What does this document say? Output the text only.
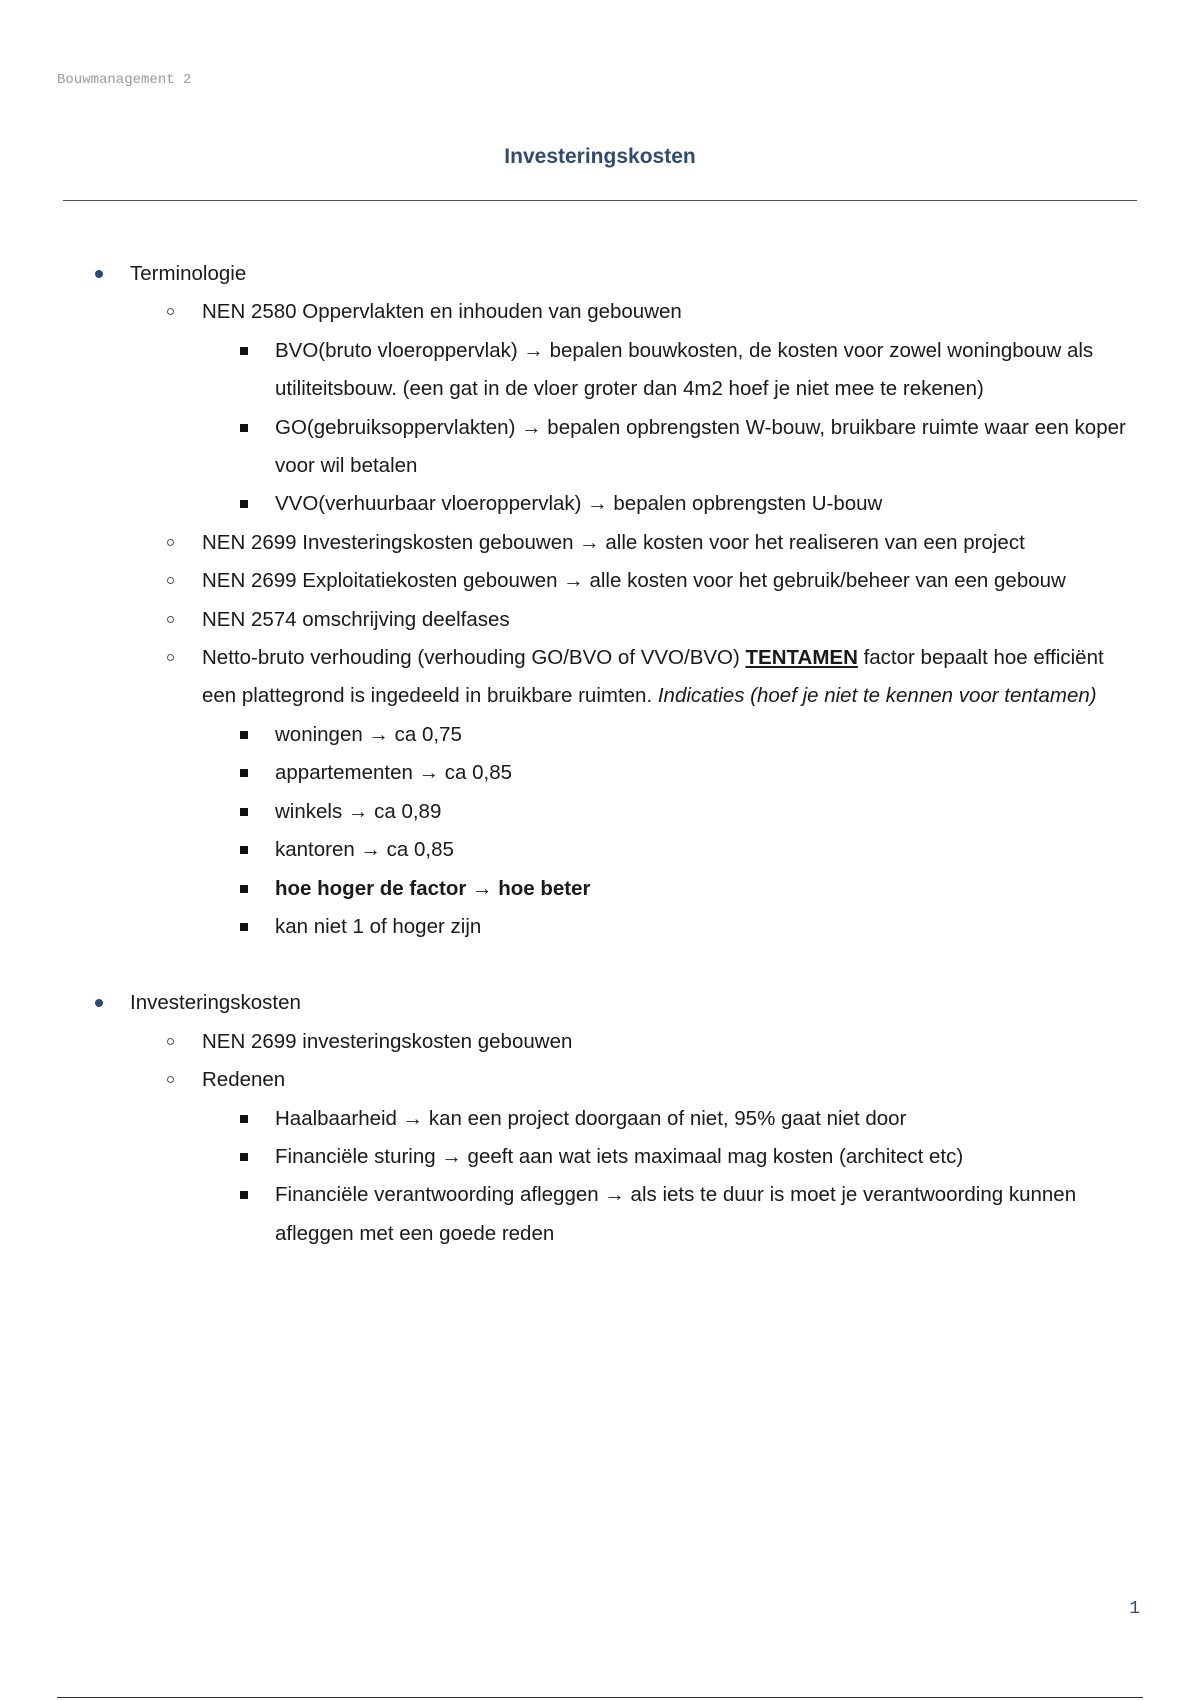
Bouwmanagement 2
Investeringskosten
Terminologie
NEN 2580 Oppervlakten en inhouden van gebouwen
BVO(bruto vloeroppervlak) → bepalen bouwkosten, de kosten voor zowel woningbouw als utiliteitsbouw. (een gat in de vloer groter dan 4m2 hoef je niet mee te rekenen)
GO(gebruiksoppervlakten) → bepalen opbrengsten W-bouw, bruikbare ruimte waar een koper voor wil betalen
VVO(verhuurbaar vloeroppervlak) → bepalen opbrengsten U-bouw
NEN 2699 Investeringskosten gebouwen → alle kosten voor het realiseren van een project
NEN 2699 Exploitatiekosten gebouwen → alle kosten voor het gebruik/beheer van een gebouw
NEN 2574 omschrijving deelfases
Netto-bruto verhouding (verhouding GO/BVO of VVO/BVO) TENTAMEN factor bepaalt hoe efficiënt een plattegrond is ingedeeld in bruikbare ruimten. Indicaties (hoef je niet te kennen voor tentamen)
woningen → ca 0,75
appartementen → ca 0,85
winkels → ca 0,89
kantoren → ca 0,85
hoe hoger de factor → hoe beter
kan niet 1 of hoger zijn
Investeringskosten
NEN 2699 investeringskosten gebouwen
Redenen
Haalbaarheid → kan een project doorgaan of niet, 95% gaat niet door
Financiële sturing → geeft aan wat iets maximaal mag kosten (architect etc)
Financiële verantwoording afleggen → als iets te duur is moet je verantwoording kunnen afleggen met een goede reden
1
